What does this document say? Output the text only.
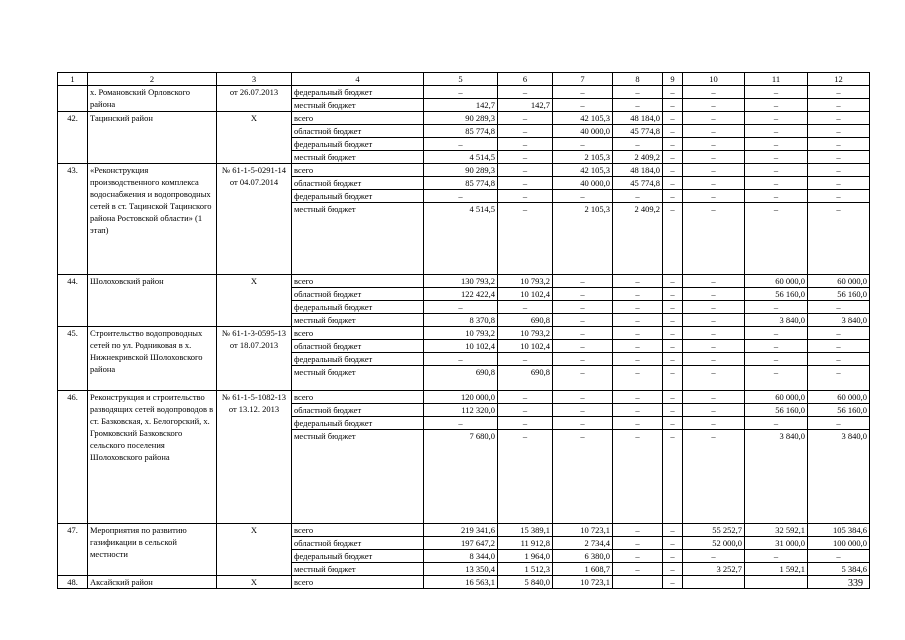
1	2	3	4	5	6	7	8	9	10	11	12
	х. Романовский Орловского района	от 26.07.2013	федеральный бюджет	–	–	–	–	–	–	–	–
			местный бюджет	142,7	142,7	–	–	–	–	–	–
42.	Тацинский район	Х	всего	90 289,3	–	42 105,3	48 184,0	–	–	–	–
			областной бюджет	85 774,8	–	40 000,0	45 774,8	–	–	–	–
			федеральный бюджет	–	–	–	–	–	–	–	–
			местный бюджет	4 514,5	–	2 105,3	2 409,2	–	–	–	–
43.	«Реконструкция производственного комплекса водоснабжения и водопроводных сетей в ст. Тацинской Тацинского района Ростовской области» (1 этап)	№ 61-1-5-0291-14 от 04.07.2014	всего	90 289,3	–	42 105,3	48 184,0	–	–	–	–
			областной бюджет	85 774,8	–	40 000,0	45 774,8	–	–	–	–
			федеральный бюджет	–	–	–	–	–	–	–	–
			местный бюджет	4 514,5	–	2 105,3	2 409,2	–	–	–	–
44.	Шолоховский район	Х	всего	130 793,2	10 793,2	–	–	–	–	60 000,0	60 000,0
			областной бюджет	122 422,4	10 102,4	–	–	–	–	56 160,0	56 160,0
			федеральный бюджет	–	–	–	–	–	–	–	–
			местный бюджет	8 370,8	690,8	–	–	–	–	3 840,0	3 840,0
45.	Строительство водопроводных сетей по ул. Родниковая в х. Нижнекривской Шолоховского района	№ 61-1-3-0595-13 от 18.07.2013	всего	10 793,2	10 793,2	–	–	–	–	–	–
			областной бюджет	10 102,4	10 102,4	–	–	–	–	–	–
			федеральный бюджет	–	–	–	–	–	–	–	–
			местный бюджет	690,8	690,8	–	–	–	–	–	–
46.	Реконструкция и строительство разводящих сетей водопроводов в ст. Базковская, х. Белогорский, х. Громковский Базковского сельского поселения Шолоховского района	№ 61-1-5-1082-13 от 13.12. 2013	всего	120 000,0	–	–	–	–	–	60 000,0	60 000,0
			областной бюджет	112 320,0	–	–	–	–	–	56 160,0	56 160,0
			федеральный бюджет	–	–	–	–	–	–	–	–
			местный бюджет	7 680,0	–	–	–	–	–	3 840,0	3 840,0
47.	Мероприятия по развитию газификации в сельской местности	Х	всего	219 341,6	15 389,1	10 723,1	–	–	55 252,7	32 592,1	105 384,6
			областной бюджет	197 647,2	11 912,8	2 734,4	–	–	52 000,0	31 000,0	100 000,0
			федеральный бюджет	8 344,0	1 964,0	6 380,0	–	–	–	–	–
			местный бюджет	13 350,4	1 512,3	1 608,7	–	–	3 252,7	1 592,1	5 384,6
48.	Аксайский район	Х	всего	16 563,1	5 840,0	10 723,1		–				339
